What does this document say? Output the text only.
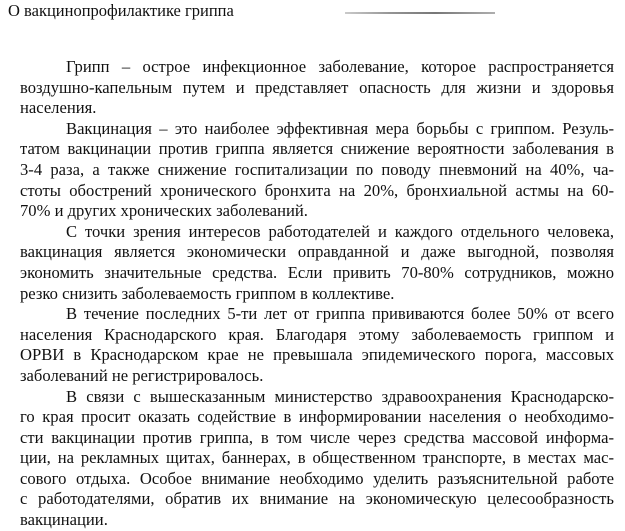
О вакцинопрофилактике гриппа

Грипп – острое инфекционное заболевание, которое распространяется
воздушно-капельным путем и представляет опасность для жизни и здоровья
населения.

Вакцинация – это наиболее эффективная мера борьбы с гриппом. Резуль-
татом вакцинации против гриппа является снижение вероятности заболевания в
3-4 раза, а также снижение госпитализации по поводу пневмоний на 40%, ча-
стоты обострений хронического бронхита на 20%, бронхиальной астмы на 60-
70% и других хронических заболеваний.

С точки зрения интересов работодателей и каждого отдельного человека,
вакцинация является экономически оправданной и даже выгодной, позволяя
экономить значительные средства. Если привить 70-80% сотрудников, можно
резко снизить заболеваемость гриппом в коллективе.

В течение последних 5-ти лет от гриппа прививаются более 50% от всего
населения Краснодарского края. Благодаря этому заболеваемость гриппом и
ОРВИ в Краснодарском крае не превышала эпидемического порога, массовых
заболеваний не регистрировалось.

В связи с вышесказанным министерство здравоохранения Краснодарско-
го края просит оказать содействие в информировании населения о необходимо-
сти вакцинации против гриппа, в том числе через средства массовой информа-
ции, на рекламных щитах, баннерах, в общественном транспорте, в местах мас-
сового отдыха. Особое внимание необходимо уделить разъяснительной работе
с работодателями, обратив их внимание на экономическую целесообразность
вакцинации.
